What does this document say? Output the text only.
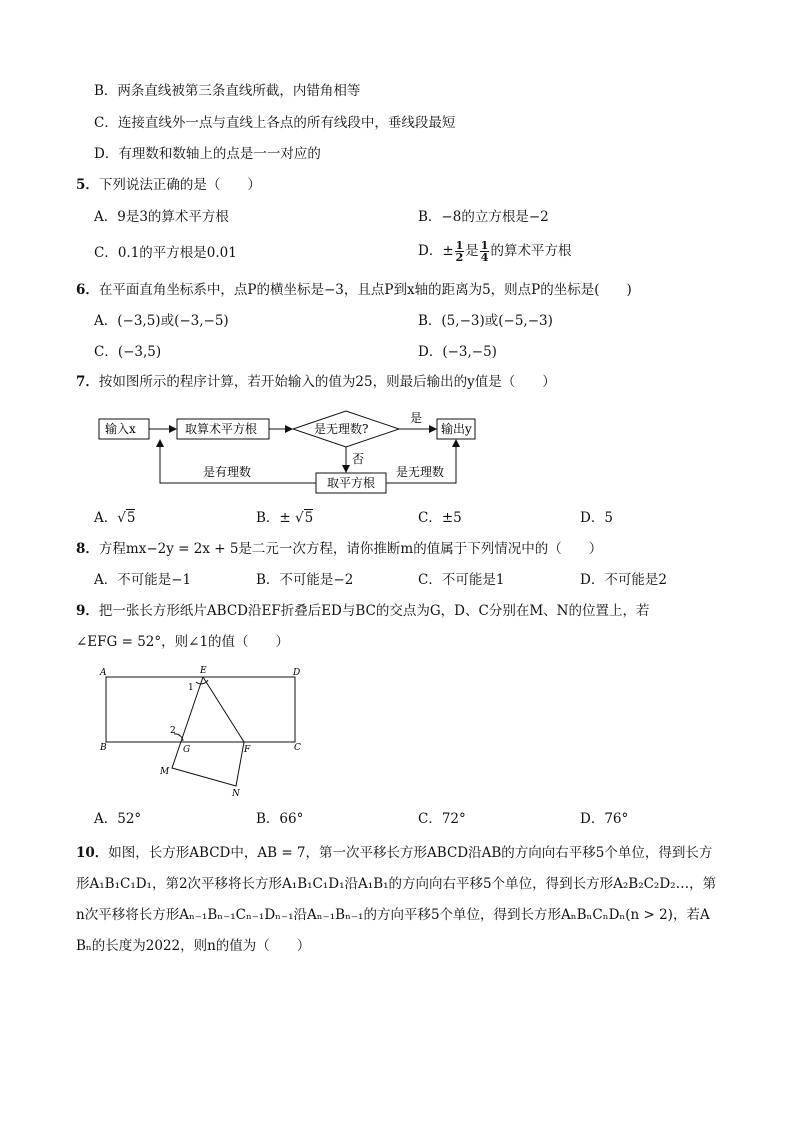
B．两条直线被第三条直线所截，内错角相等
C．连接直线外一点与直线上各点的所有线段中，垂线段最短
D．有理数和数轴上的点是一一对应的
5．下列说法正确的是（　　）
A．9是3的算术平方根	B．−8的立方根是−2
C．0.1的平方根是0.01	D．± $\frac{1}{2}$ 是 $\frac{1}{4}$ 的算术平方根
6．在平面直角坐标系中，点P的横坐标是−3，且点P到x轴的距离为5，则点P的坐标是(　　)
A．(−3,5)或(−3,−5)	B．(5,−3)或(−5,−3)
C．(−3,5)	D．(−3,−5)
7．按如图所示的程序计算，若开始输入的值为25，则最后输出的y值是（　　）
输入x	取算术平方根	是无理数?
是
否
输出y
取平方根
是有理数	是无理数
A
B	C
D
E
F
G
M
N
1
2
A．√5	B．± √5	C．±5	D．5
8．方程mx−2y = 2x + 5是二元一次方程，请你推断m的值属于下列情况中的（　　）
A．不可能是−1	B．不可能是−2	C．不可能是1	D．不可能是2
9．把一张长方形纸片ABCD沿EF折叠后ED与BC的交点为G，D、C分别在M、N的位置上，若
∠EFG = 52°，则∠1的值（　　）
A．52°	B．66°	C．72°	D．76°
10．如图，长方形ABCD中，AB = 7，第一次平移长方形ABCD沿AB的方向向右平移5个单位，得到长方
形A₁B₁C₁D₁，第2次平移将长方形A₁B₁C₁D₁沿A₁B₁的方向向右平移5个单位，得到长方形A₂B₂C₂D₂…，第
n次平移将长方形Aₙ₋₁Bₙ₋₁Cₙ₋₁Dₙ₋₁沿Aₙ₋₁Bₙ₋₁的方向平移5个单位，得到长方形AₙBₙCₙDₙ(n > 2)，若A
Bₙ的长度为2022，则n的值为（　　）
